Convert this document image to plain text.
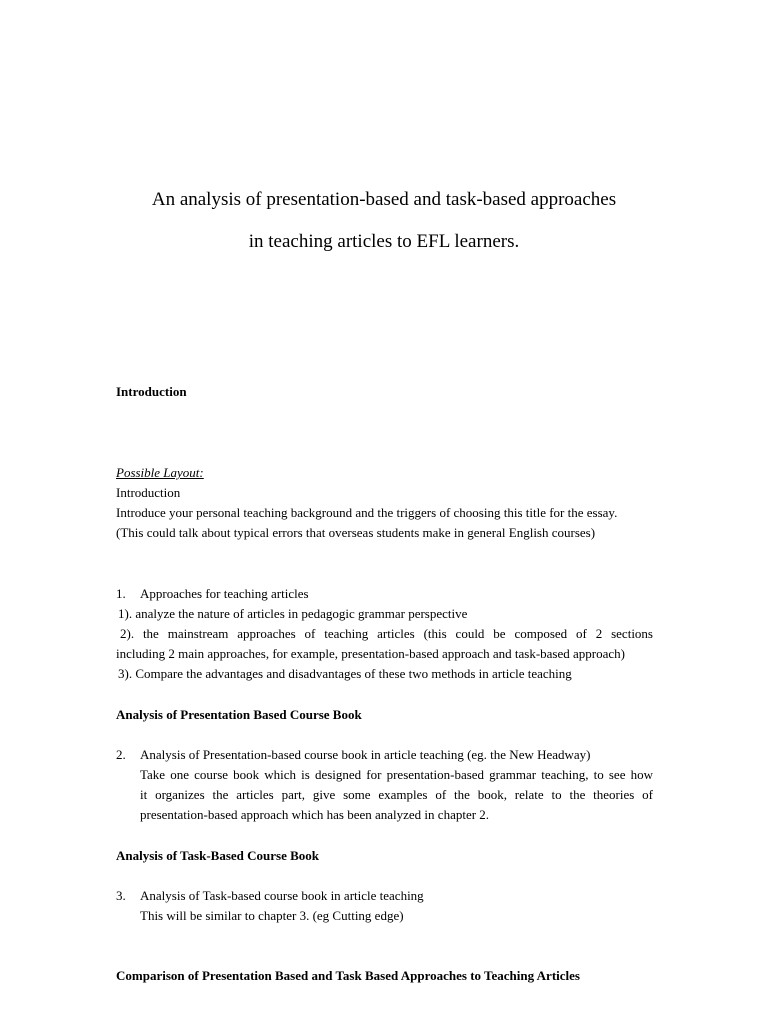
An analysis of presentation-based and task-based approaches
in teaching articles to EFL learners.
Introduction
Possible Layout:
Introduction
Introduce your personal teaching background and the triggers of choosing this title for the essay.
(This could talk about typical errors that overseas students make in general English courses)
1. Approaches for teaching articles
1). analyze the nature of articles in pedagogic grammar perspective
2). the mainstream approaches of teaching articles (this could be composed of 2 sections
including 2 main approaches, for example, presentation-based approach and task-based approach)
3). Compare the advantages and disadvantages of these two methods in article teaching
Analysis of Presentation Based Course Book
2. Analysis of Presentation-based course book in article teaching (eg. the New Headway)
Take one course book which is designed for presentation-based grammar teaching, to see how
it organizes the articles part, give some examples of the book, relate to the theories of
presentation-based approach which has been analyzed in chapter 2.
Analysis of Task-Based Course Book
3. Analysis of Task-based course book in article teaching
This will be similar to chapter 3. (eg Cutting edge)
Comparison of Presentation Based and Task Based Approaches to Teaching Articles
